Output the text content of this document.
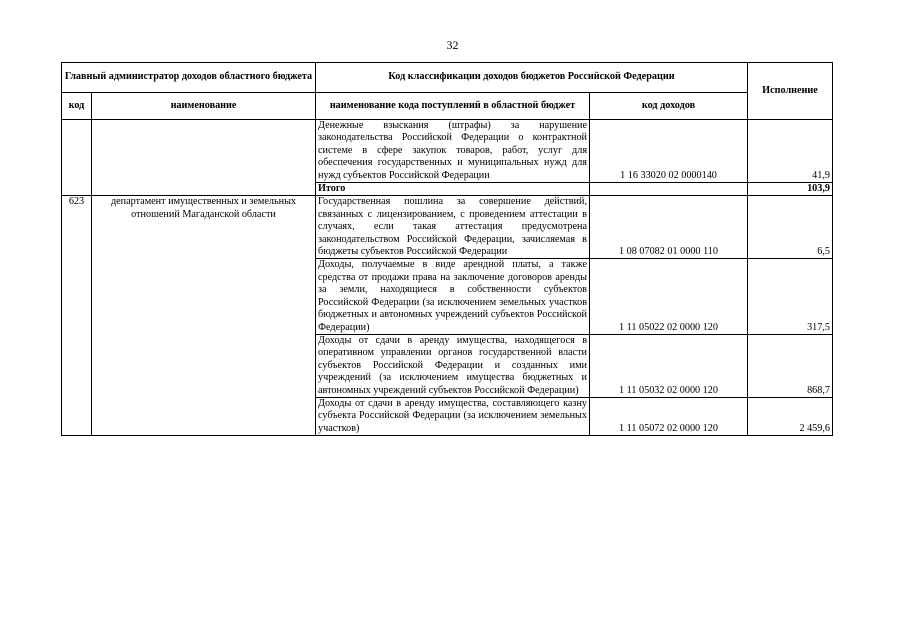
32
Главный администратор доходов областного бюджета		Код классификации доходов бюджетов Российской Федерации		Исполнение
код	наименование	наименование кода поступлений в областной бюджет	код доходов	
		Денежные взыскания (штрафы) за нарушение законодательства Российской Федерации о контрактной системе в сфере закупок товаров, работ, услуг для обеспечения государственных и муниципальных нужд для нужд субъектов Российской Федерации	1 16 33020 02 0000140	41,9
		Итого		103,9
623	департамент имущественных и земельных отношений Магаданской области	Государственная пошлина за совершение действий, связанных с лицензированием, с проведением аттестации в случаях, если такая аттестация предусмотрена законодательством Российской Федерации, зачисляемая в бюджеты субъектов Российской Федерации	1 08 07082 01 0000 110	6,5
		Доходы, получаемые в виде арендной платы, а также средства от продажи права на заключение договоров аренды за земли, находящиеся в собственности субъектов Российской Федерации (за исключением земельных участков бюджетных и автономных учреждений субъектов Российской Федерации)	1 11 05022 02 0000 120	317,5
		Доходы от сдачи в аренду имущества, находящегося в оперативном управлении органов государственной власти субъектов Российской Федерации и созданных ими учреждений (за исключением имущества бюджетных и автономных учреждений субъектов Российской Федерации)	1 11 05032 02 0000 120	868,7
		Доходы от сдачи в аренду имущества, составляющего казну субъекта Российской Федерации (за исключением земельных участков)	1 11 05072 02 0000 120	2 459,6
